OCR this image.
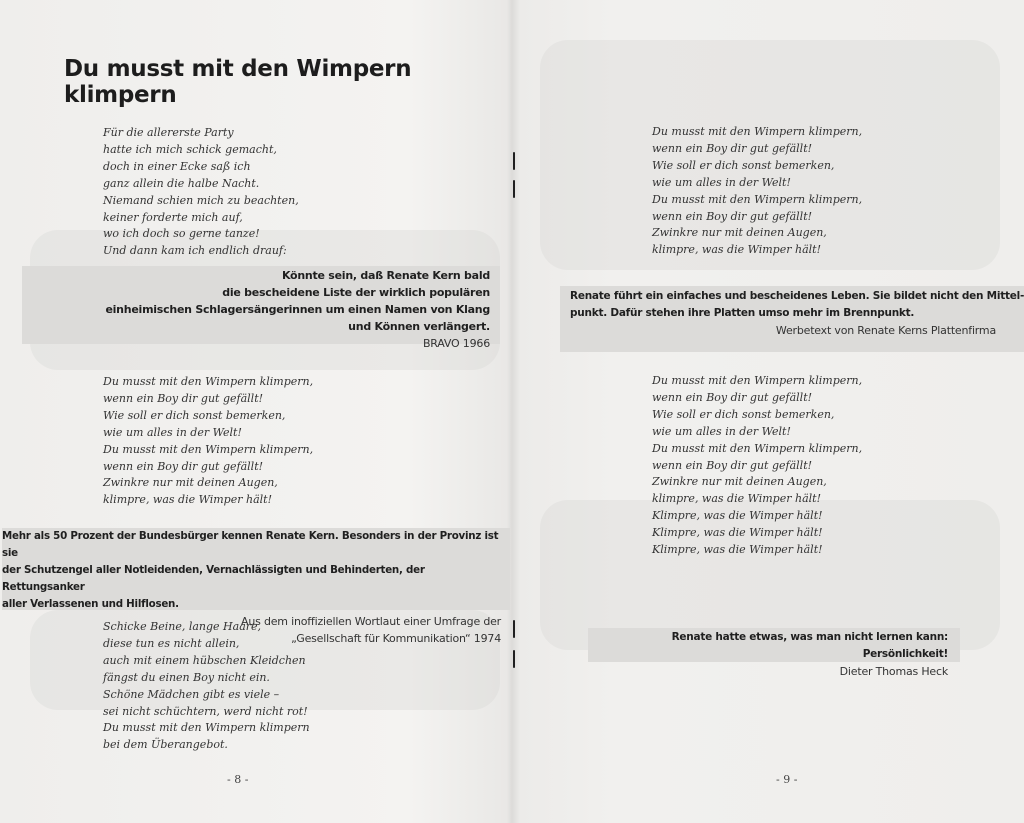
Du musst mit den Wimpern klimpern
Für die allererste Party
hatte ich mich schick gemacht,
doch in einer Ecke saß ich
ganz allein die halbe Nacht.
Niemand schien mich zu beachten,
keiner forderte mich auf,
wo ich doch so gerne tanze!
Und dann kam ich endlich drauf:
Könnte sein, daß Renate Kern bald
die bescheidene Liste der wirklich populären
einheimischen Schlagersängerinnen um einen Namen von Klang
und Können verlängert.
BRAVO 1966
Du musst mit den Wimpern klimpern,
wenn ein Boy dir gut gefällt!
Wie soll er dich sonst bemerken,
wie um alles in der Welt!
Du musst mit den Wimpern klimpern,
wenn ein Boy dir gut gefällt!
Zwinkre nur mit deinen Augen,
klimpre, was die Wimper hält!
Mehr als 50 Prozent der Bundesbürger kennen Renate Kern. Besonders in der Provinz ist sie
der Schutzengel aller Notleidenden, Vernachlässigten und Behinderten, der Rettungsanker
aller Verlassenen und Hilflosen.
Aus dem inoffiziellen Wortlaut einer Umfrage der
„Gesellschaft für Kommunikation“ 1974
Schicke Beine, lange Haare,
diese tun es nicht allein,
auch mit einem hübschen Kleidchen
fängst du einen Boy nicht ein.
Schöne Mädchen gibt es viele –
sei nicht schüchtern, werd nicht rot!
Du musst mit den Wimpern klimpern
bei dem Überangebot.
- 8 -
Du musst mit den Wimpern klimpern,
wenn ein Boy dir gut gefällt!
Wie soll er dich sonst bemerken,
wie um alles in der Welt!
Du musst mit den Wimpern klimpern,
wenn ein Boy dir gut gefällt!
Zwinkre nur mit deinen Augen,
klimpre, was die Wimper hält!
Renate führt ein einfaches und bescheidenes Leben. Sie bildet nicht den Mittel-
punkt. Dafür stehen ihre Platten umso mehr im Brennpunkt.
Werbetext von Renate Kerns Plattenfirma
Du musst mit den Wimpern klimpern,
wenn ein Boy dir gut gefällt!
Wie soll er dich sonst bemerken,
wie um alles in der Welt!
Du musst mit den Wimpern klimpern,
wenn ein Boy dir gut gefällt!
Zwinkre nur mit deinen Augen,
klimpre, was die Wimper hält!
Klimpre, was die Wimper hält!
Klimpre, was die Wimper hält!
Klimpre, was die Wimper hält!
Renate hatte etwas, was man nicht lernen kann: Persönlichkeit!
Dieter Thomas Heck
- 9 -
